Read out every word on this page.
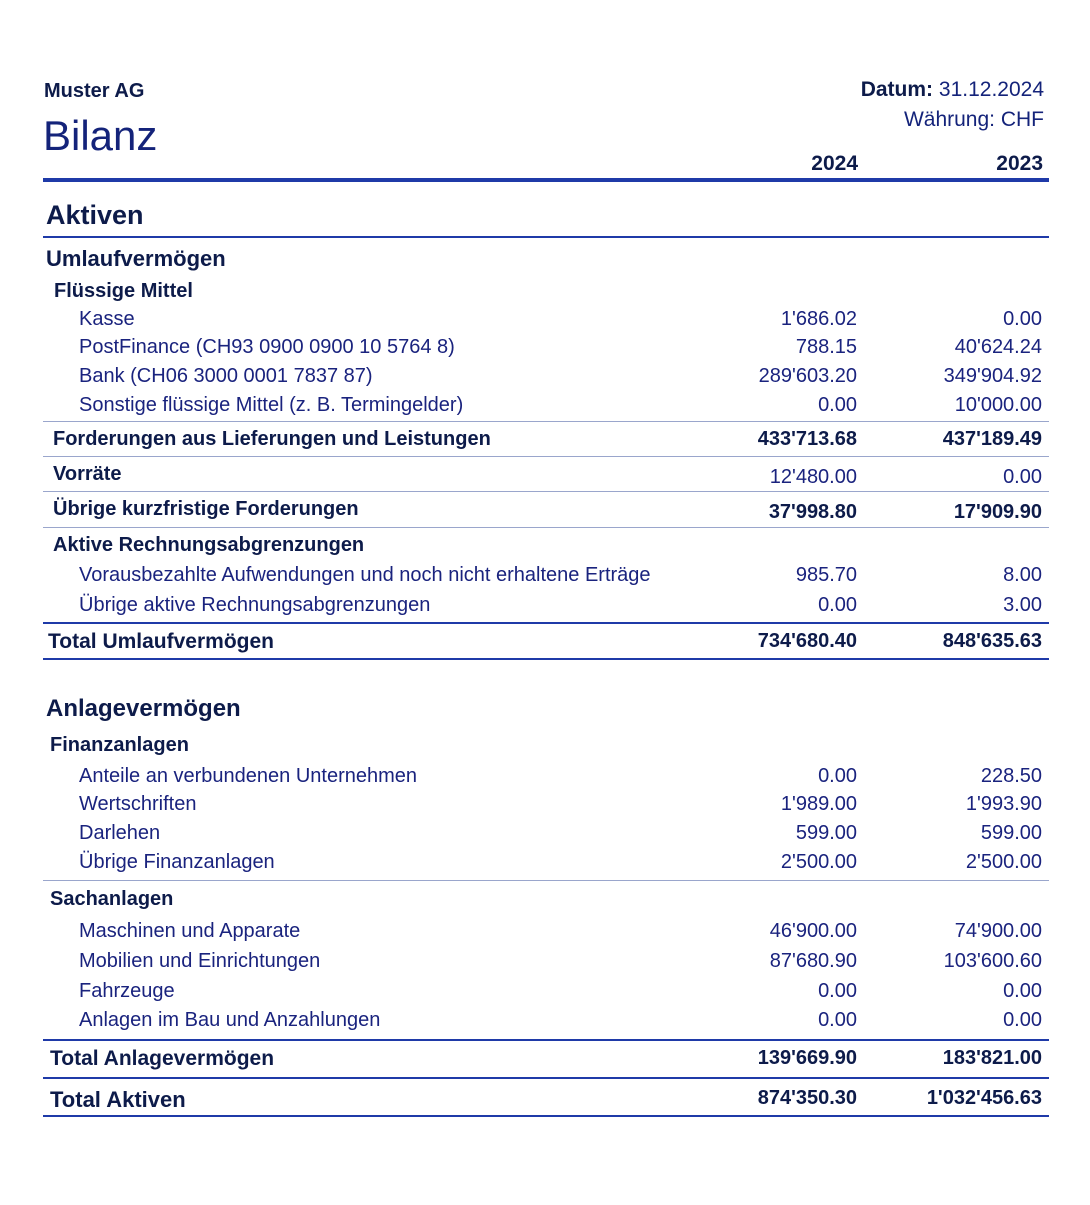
Muster AG
Bilanz
Datum: 31.12.2024
Währung: CHF
2024	2023
Aktiven
Umlaufvermögen
Flüssige Mittel
Kasse	1'686.02	0.00
PostFinance (CH93 0900 0900 10 5764 8)	788.15	40'624.24
Bank (CH06 3000 0001 7837 87)	289'603.20	349'904.92
Sonstige flüssige Mittel (z. B. Termingelder)	0.00	10'000.00
Forderungen aus Lieferungen und Leistungen	433'713.68	437'189.49
Vorräte	12'480.00	0.00
Übrige kurzfristige Forderungen	37'998.80	17'909.90
Aktive Rechnungsabgrenzungen
Vorausbezahlte Aufwendungen und noch nicht erhaltene Erträge	985.70	8.00
Übrige aktive Rechnungsabgrenzungen	0.00	3.00
Total Umlaufvermögen	734'680.40	848'635.63
Anlagevermögen
Finanzanlagen
Anteile an verbundenen Unternehmen	0.00	228.50
Wertschriften	1'989.00	1'993.90
Darlehen	599.00	599.00
Übrige Finanzanlagen	2'500.00	2'500.00
Sachanlagen
Maschinen und Apparate	46'900.00	74'900.00
Mobilien und Einrichtungen	87'680.90	103'600.60
Fahrzeuge	0.00	0.00
Anlagen im Bau und Anzahlungen	0.00	0.00
Total Anlagevermögen	139'669.90	183'821.00
Total Aktiven	874'350.30	1'032'456.63
